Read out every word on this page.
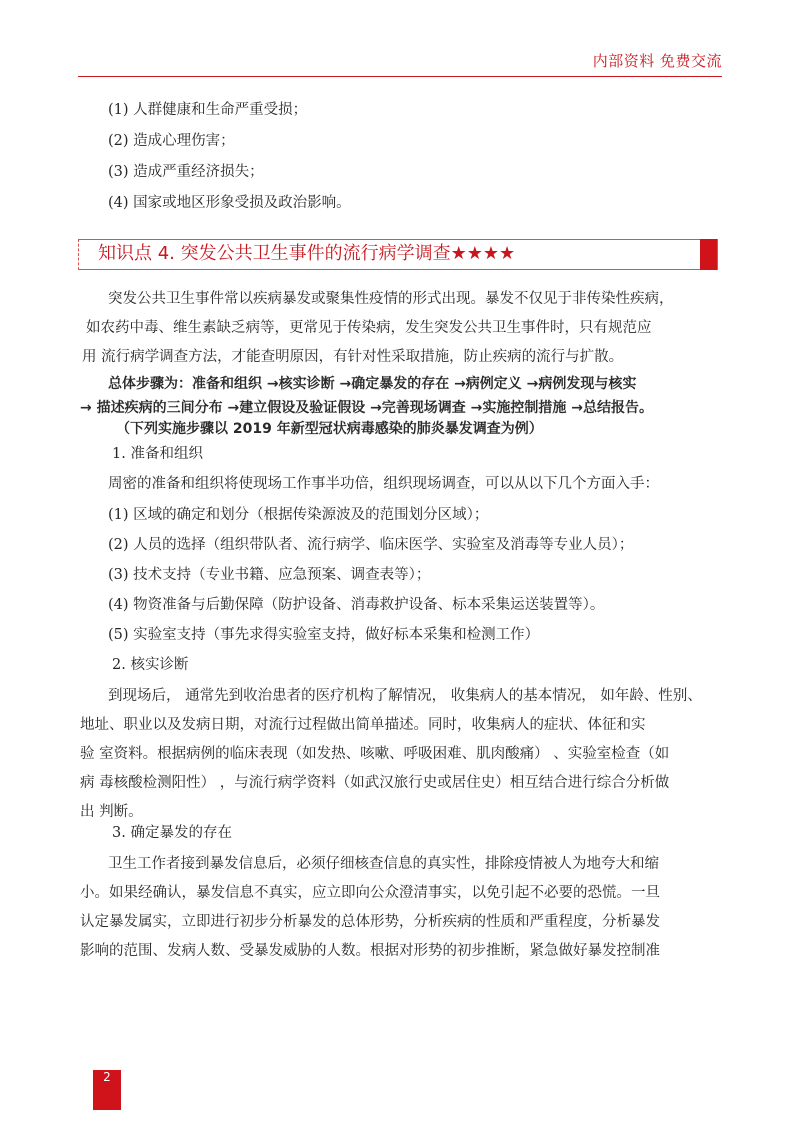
内部资料 免费交流
(1) 人群健康和生命严重受损；
(2) 造成心理伤害；
(3) 造成严重经济损失；
(4) 国家或地区形象受损及政治影响。
知识点 4. 突发公共卫生事件的流行病学调查★★★★
突发公共卫生事件常以疾病暴发或聚集性疫情的形式出现。暴发不仅见于非传染性疾病，
如农药中毒、维生素缺乏病等，更常见于传染病，发生突发公共卫生事件时，只有规范应
用 流行病学调查方法，才能查明原因，有针对性采取措施，防止疾病的流行与扩散。
总体步骤为：准备和组织 →核实诊断 →确定暴发的存在 →病例定义 →病例发现与核实
→ 描述疾病的三间分布 →建立假设及验证假设 →完善现场调查 →实施控制措施 →总结报告。
（下列实施步骤以 2019 年新型冠状病毒感染的肺炎暴发调查为例）
1. 准备和组织
周密的准备和组织将使现场工作事半功倍，组织现场调查，可以从以下几个方面入手：
(1) 区域的确定和划分（根据传染源波及的范围划分区域）；
(2) 人员的选择（组织带队者、流行病学、临床医学、实验室及消毒等专业人员）；
(3) 技术支持（专业书籍、应急预案、调查表等）；
(4) 物资准备与后勤保障（防护设备、消毒救护设备、标本采集运送装置等）。
(5) 实验室支持（事先求得实验室支持，做好标本采集和检测工作）
2. 核实诊断
到现场后， 通常先到收治患者的医疗机构了解情况， 收集病人的基本情况， 如年龄、性别、
地址、职业以及发病日期，对流行过程做出简单描述。同时，收集病人的症状、体征和实
验 室资料。根据病例的临床表现（如发热、咳嗽、呼吸困难、肌肉酸痛） 、实验室检查（如
病 毒核酸检测阳性） ，与流行病学资料（如武汉旅行史或居住史）相互结合进行综合分析做
出 判断。
3. 确定暴发的存在
卫生工作者接到暴发信息后，必须仔细核查信息的真实性，排除疫情被人为地夸大和缩
小。如果经确认，暴发信息不真实，应立即向公众澄清事实，以免引起不必要的恐慌。一旦
认定暴发属实，立即进行初步分析暴发的总体形势，分析疾病的性质和严重程度，分析暴发
影响的范围、发病人数、受暴发威胁的人数。根据对形势的初步推断，紧急做好暴发控制准
2
